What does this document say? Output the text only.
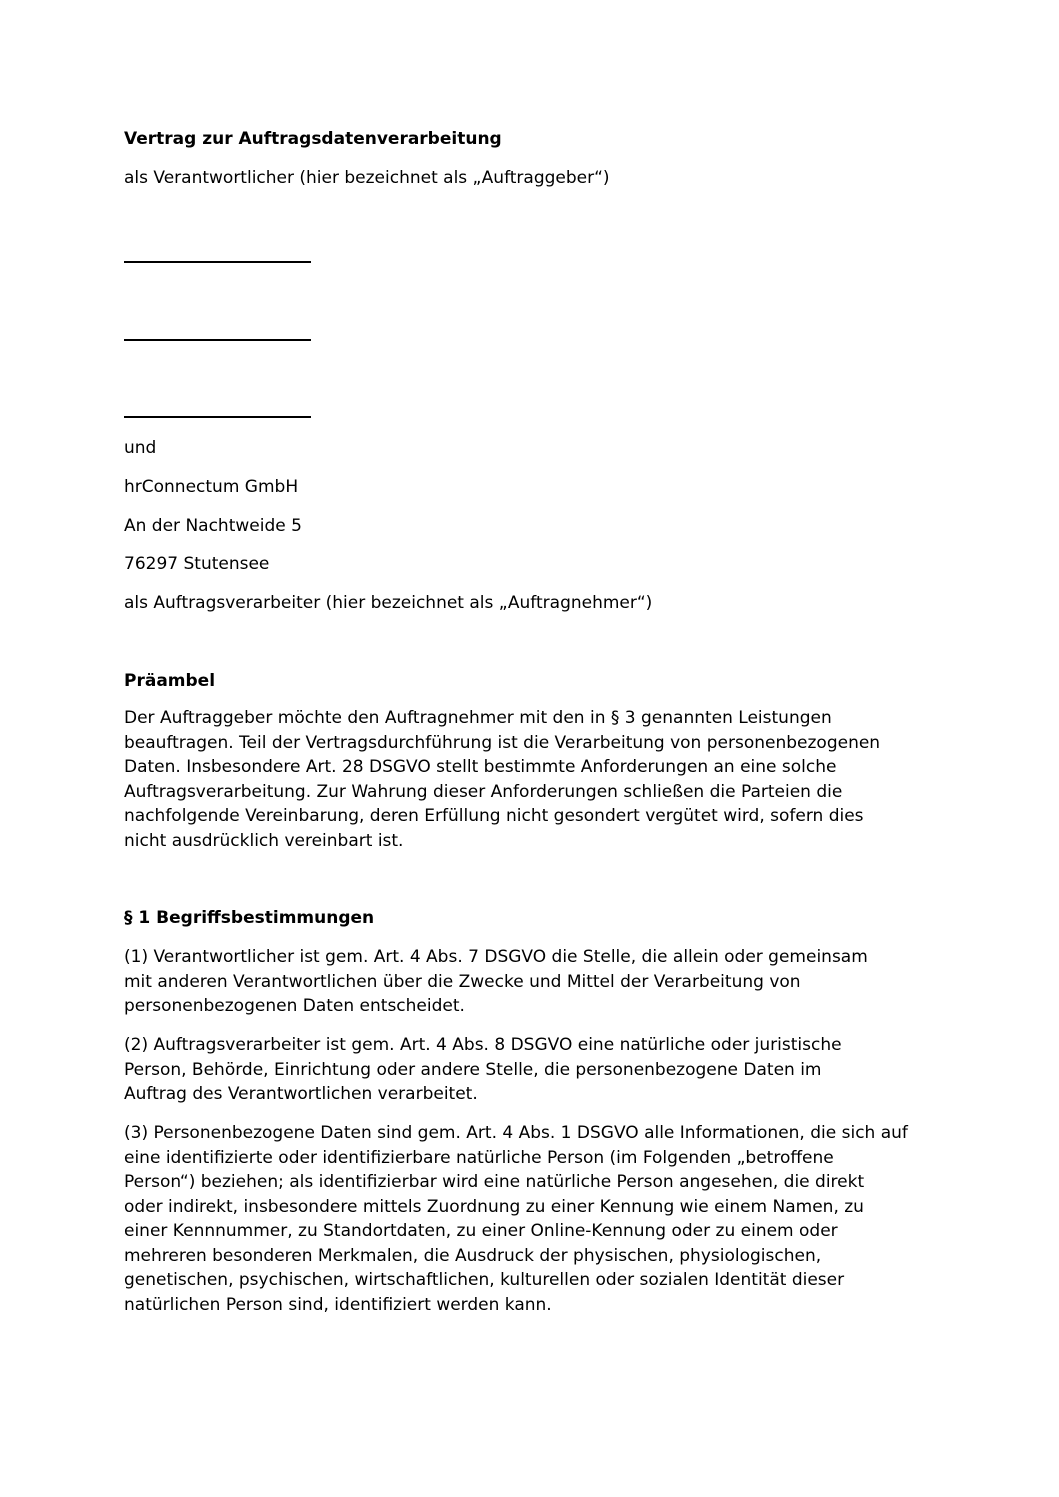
Vertrag zur Auftragsdatenverarbeitung

als Verantwortlicher (hier bezeichnet als „Auftraggeber“)

und

hrConnectum GmbH

An der Nachtweide 5

76297 Stutensee

als Auftragsverarbeiter (hier bezeichnet als „Auftragnehmer“)

Präambel

Der Auftraggeber möchte den Auftragnehmer mit den in § 3 genannten Leistungen
beauftragen. Teil der Vertragsdurchführung ist die Verarbeitung von personenbezogenen
Daten. Insbesondere Art. 28 DSGVO stellt bestimmte Anforderungen an eine solche
Auftragsverarbeitung. Zur Wahrung dieser Anforderungen schließen die Parteien die
nachfolgende Vereinbarung, deren Erfüllung nicht gesondert vergütet wird, sofern dies
nicht ausdrücklich vereinbart ist.

§ 1 Begriffsbestimmungen

(1) Verantwortlicher ist gem. Art. 4 Abs. 7 DSGVO die Stelle, die allein oder gemeinsam
mit anderen Verantwortlichen über die Zwecke und Mittel der Verarbeitung von
personenbezogenen Daten entscheidet.
(2) Auftragsverarbeiter ist gem. Art. 4 Abs. 8 DSGVO eine natürliche oder juristische
Person, Behörde, Einrichtung oder andere Stelle, die personenbezogene Daten im
Auftrag des Verantwortlichen verarbeitet.
(3) Personenbezogene Daten sind gem. Art. 4 Abs. 1 DSGVO alle Informationen, die sich auf
eine identifizierte oder identifizierbare natürliche Person (im Folgenden „betroffene
Person“) beziehen; als identifizierbar wird eine natürliche Person angesehen, die direkt
oder indirekt, insbesondere mittels Zuordnung zu einer Kennung wie einem Namen, zu
einer Kennnummer, zu Standortdaten, zu einer Online-Kennung oder zu einem oder
mehreren besonderen Merkmalen, die Ausdruck der physischen, physiologischen,
genetischen, psychischen, wirtschaftlichen, kulturellen oder sozialen Identität dieser
natürlichen Person sind, identifiziert werden kann.
